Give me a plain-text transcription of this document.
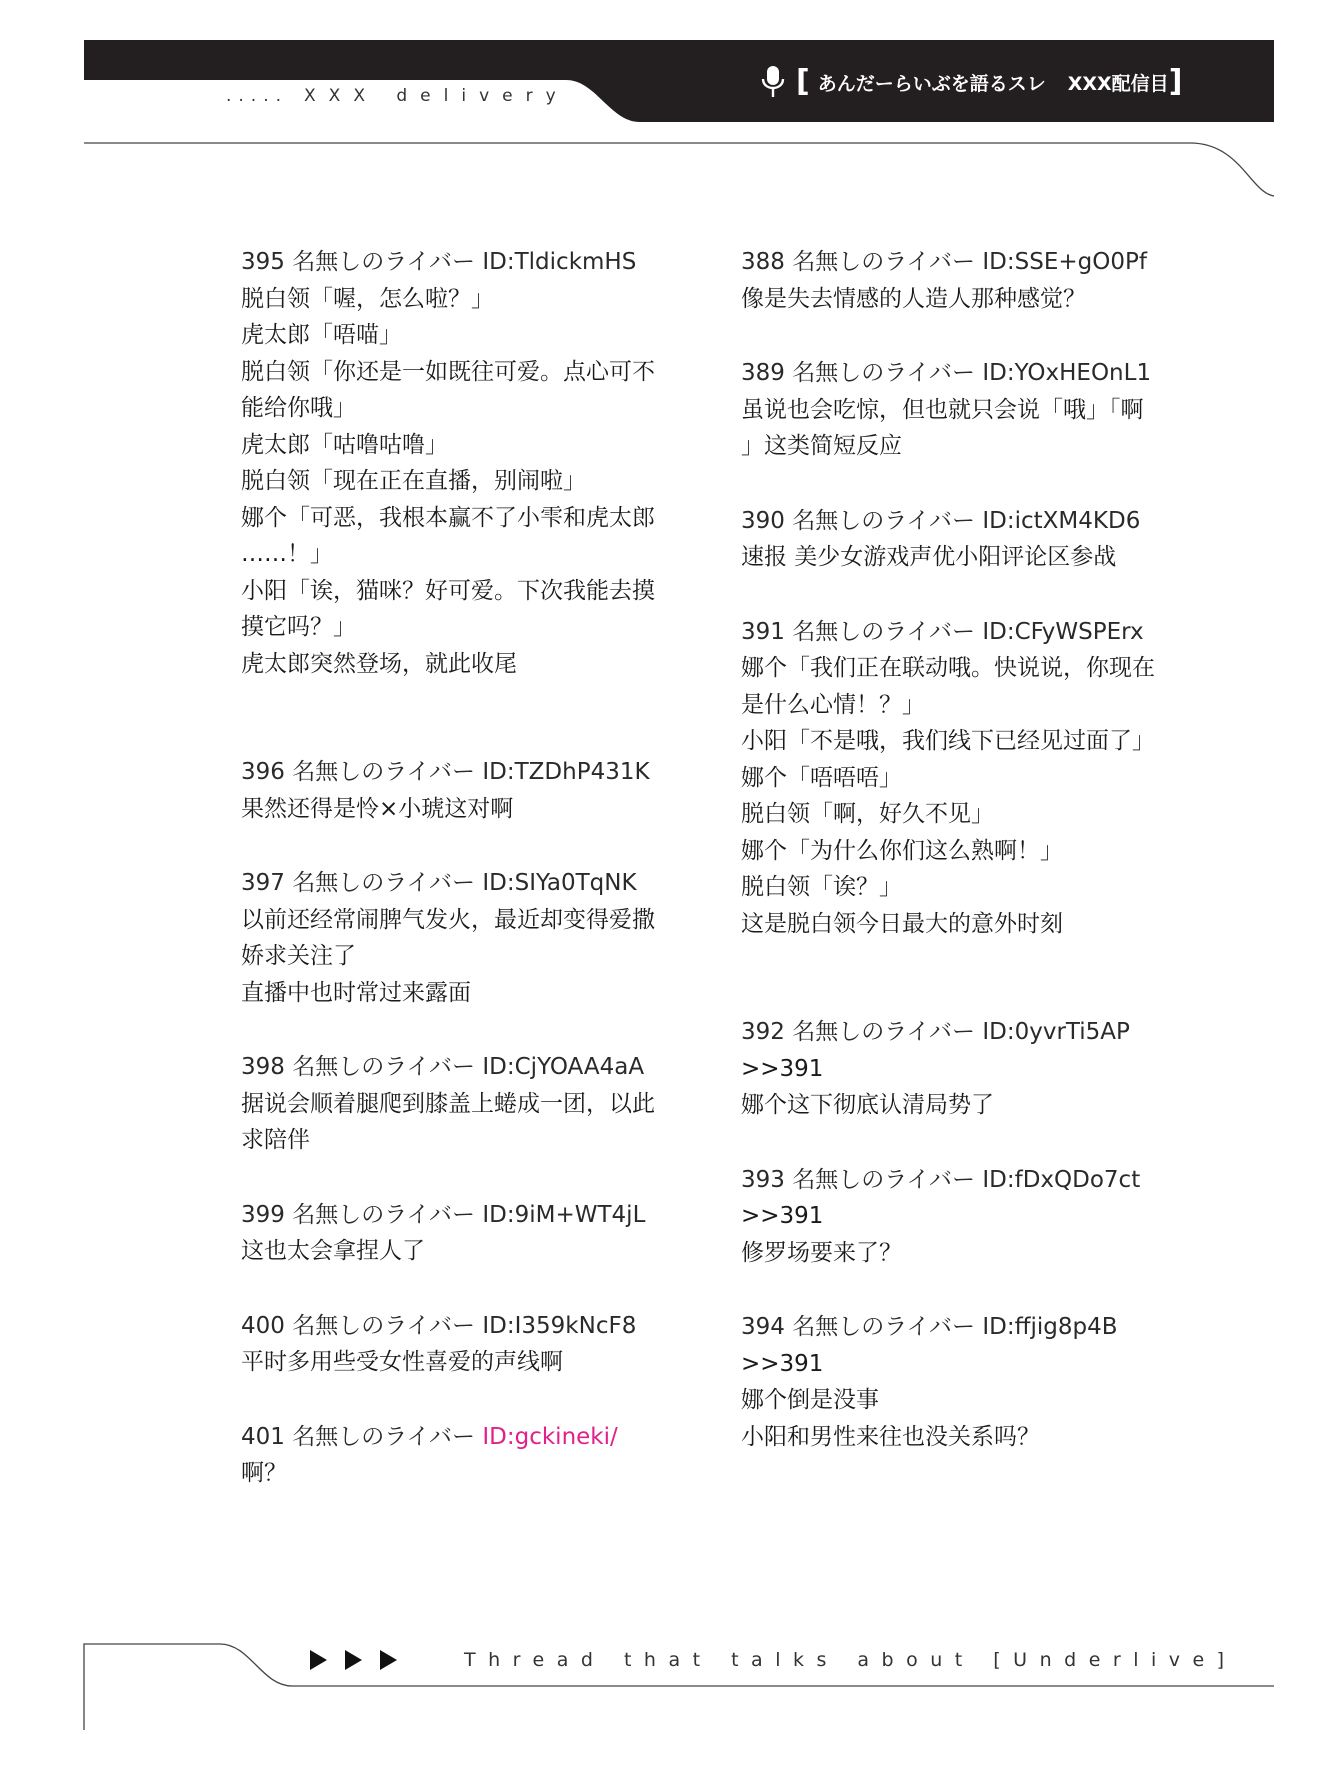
..... XXX delivery	[ あんだーらいぶを語るスレ XXX配信目 ]
395 名無しのライバー ID:TldickmHS
脱白领「喔，怎么啦？」
虎太郎「唔喵」
脱白领「你还是一如既往可爱。点心可不
能给你哦」
虎太郎「咕噜咕噜」
脱白领「现在正在直播，别闹啦」
娜个「可恶，我根本赢不了小雫和虎太郎
……！」
小阳「诶，猫咪？好可爱。下次我能去摸
摸它吗？」
虎太郎突然登场，就此收尾
396 名無しのライバー ID:TZDhP431K
果然还得是怜×小琥这对啊
397 名無しのライバー ID:SIYa0TqNK
以前还经常闹脾气发火，最近却变得爱撒
娇求关注了
直播中也时常过来露面
398 名無しのライバー ID:CjYOAA4aA
据说会顺着腿爬到膝盖上蜷成一团，以此
求陪伴
399 名無しのライバー ID:9iM+WT4jL
这也太会拿捏人了
400 名無しのライバー ID:I359kNcF8
平时多用些受女性喜爱的声线啊
401 名無しのライバー ID:gckineki/
啊？
388 名無しのライバー ID:SSE+gO0Pf
像是失去情感的人造人那种感觉？
389 名無しのライバー ID:YOxHEOnL1
虽说也会吃惊，但也就只会说「哦」「啊
」这类简短反应
390 名無しのライバー ID:ictXM4KD6
速报 美少女游戏声优小阳评论区参战
391 名無しのライバー ID:CFyWSPErx
娜个「我们正在联动哦。快说说，你现在
是什么心情！？」
小阳「不是哦，我们线下已经见过面了」
娜个「唔唔唔」
脱白领「啊，好久不见」
娜个「为什么你们这么熟啊！」
脱白领「诶？」
这是脱白领今日最大的意外时刻
392 名無しのライバー ID:0yvrTi5AP
>>391
娜个这下彻底认清局势了
393 名無しのライバー ID:fDxQDo7ct
>>391
修罗场要来了？
394 名無しのライバー ID:ffjig8p4B
>>391
娜个倒是没事
小阳和男性来往也没关系吗？
Thread that talks about [Underlive]
